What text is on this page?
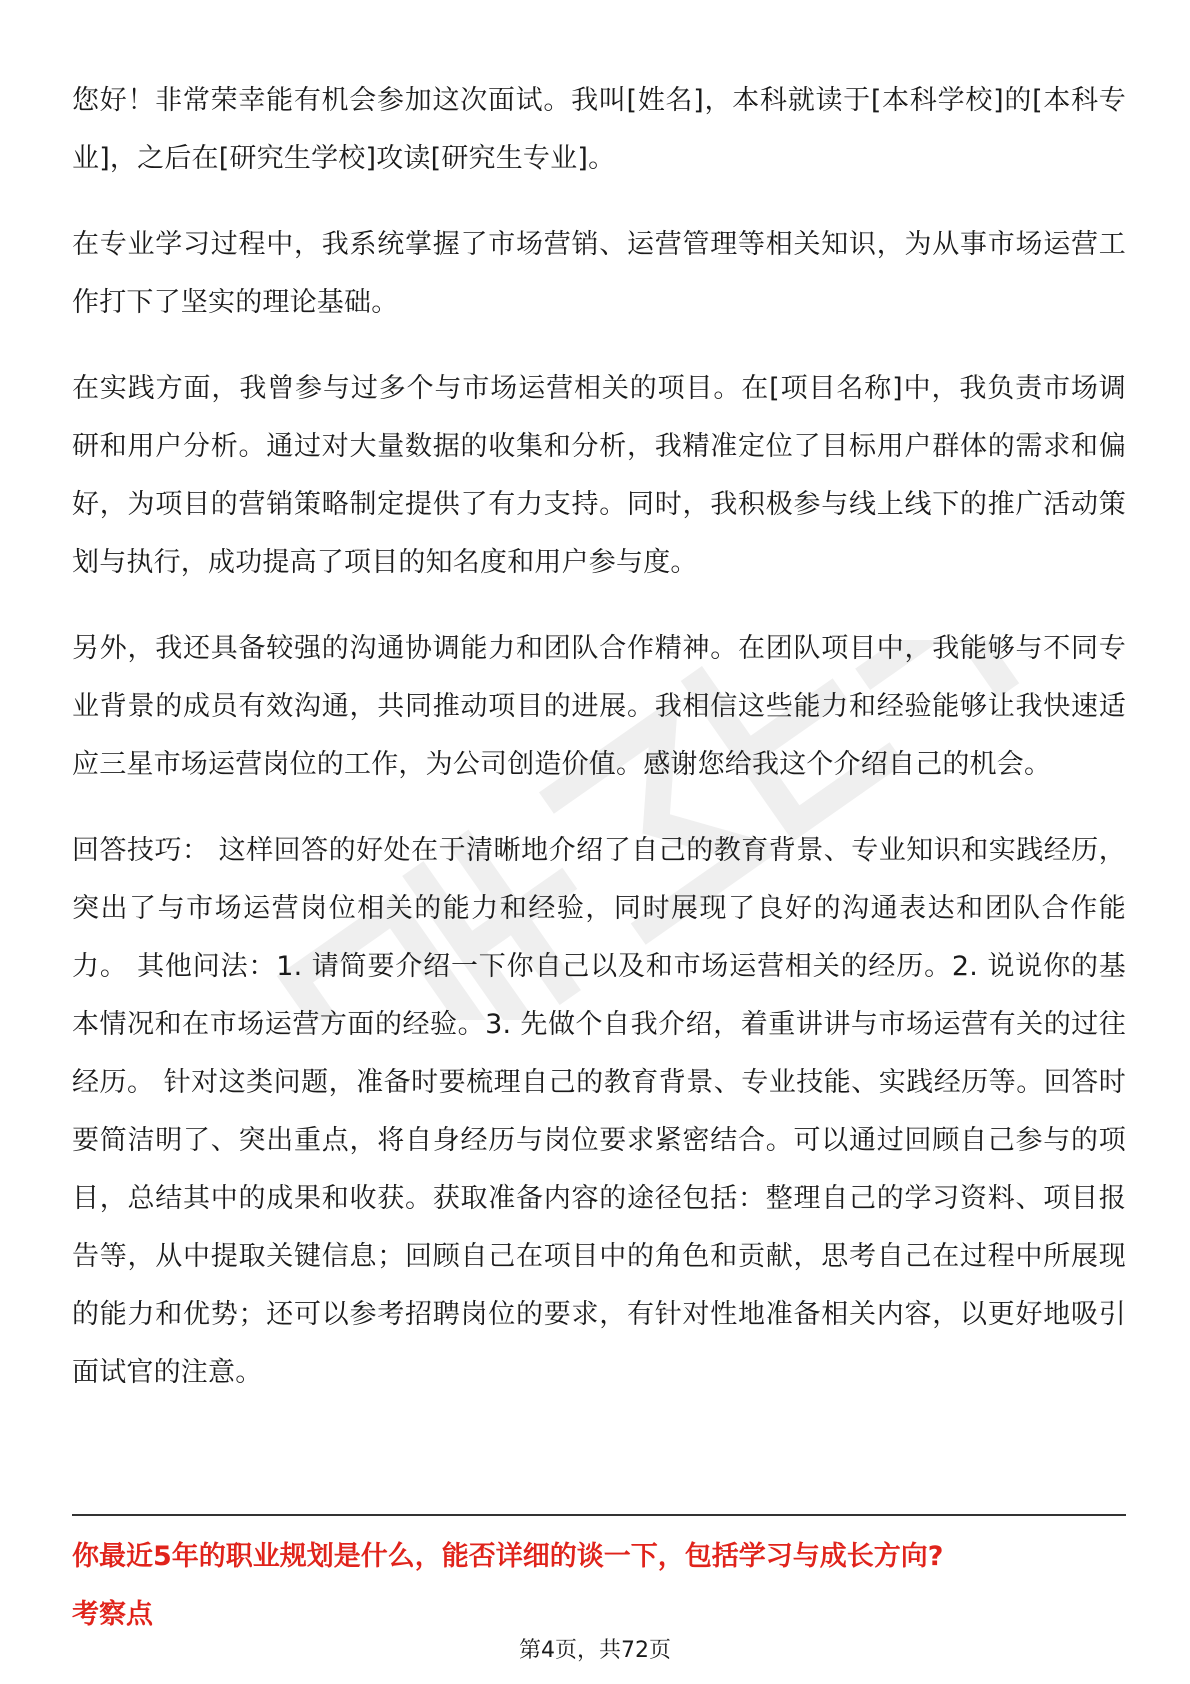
您好！非常荣幸能有机会参加这次面试。我叫[姓名]，本科就读于[本科学校]的[本科专业]，之后在[研究生学校]攻读[研究生专业]。

在专业学习过程中，我系统掌握了市场营销、运营管理等相关知识，为从事市场运营工作打下了坚实的理论基础。

在实践方面，我曾参与过多个与市场运营相关的项目。在[项目名称]中，我负责市场调研和用户分析。通过对大量数据的收集和分析，我精准定位了目标用户群体的需求和偏好，为项目的营销策略制定提供了有力支持。同时，我积极参与线上线下的推广活动策划与执行，成功提高了项目的知名度和用户参与度。

另外，我还具备较强的沟通协调能力和团队合作精神。在团队项目中，我能够与不同专业背景的成员有效沟通，共同推动项目的进展。我相信这些能力和经验能够让我快速适应三星市场运营岗位的工作，为公司创造价值。感谢您给我这个介绍自己的机会。

回答技巧： 这样回答的好处在于清晰地介绍了自己的教育背景、专业知识和实践经历，突出了与市场运营岗位相关的能力和经验，同时展现了良好的沟通表达和团队合作能力。 其他问法：1. 请简要介绍一下你自己以及和市场运营相关的经历。2. 说说你的基本情况和在市场运营方面的经验。3. 先做个自我介绍，着重讲讲与市场运营有关的过往经历。 针对这类问题，准备时要梳理自己的教育背景、专业技能、实践经历等。回答时要简洁明了、突出重点，将自身经历与岗位要求紧密结合。可以通过回顾自己参与的项目，总结其中的成果和收获。获取准备内容的途径包括：整理自己的学习资料、项目报告等，从中提取关键信息；回顾自己在项目中的角色和贡献，思考自己在过程中所展现的能力和优势；还可以参考招聘岗位的要求，有针对性地准备相关内容，以更好地吸引面试官的注意。

你最近5年的职业规划是什么，能否详细的谈一下，包括学习与成长方向?
考察点
第4页，共72页
